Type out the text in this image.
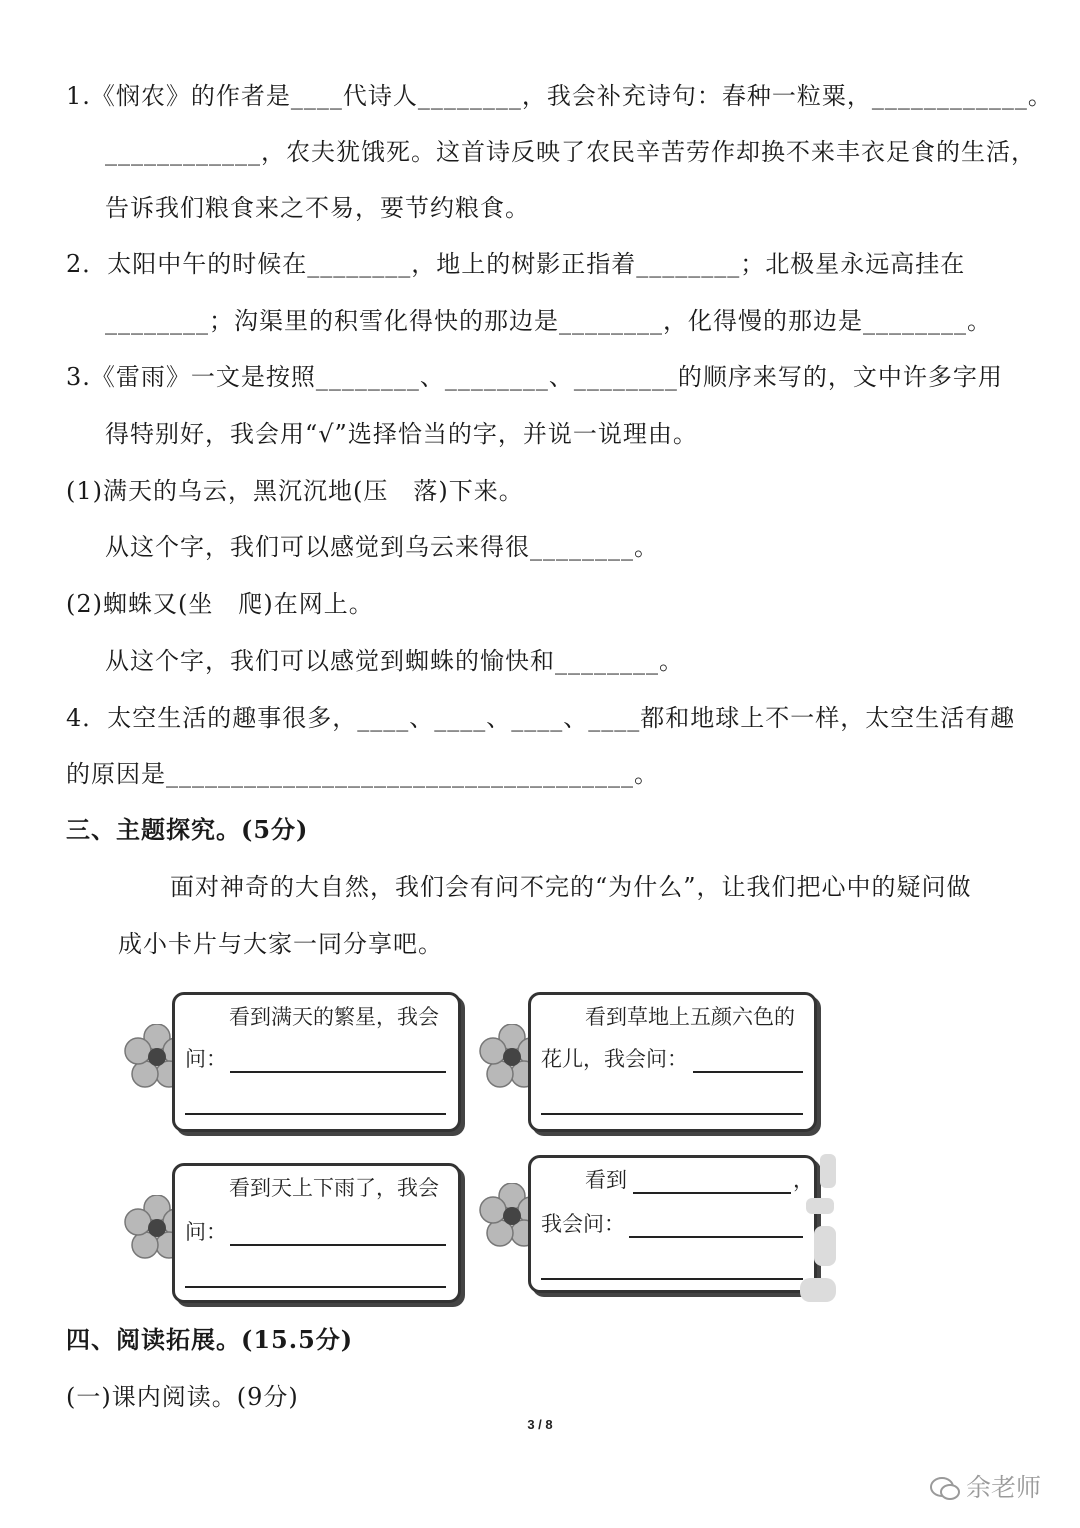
1.《悯农》的作者是____代诗人________，我会补充诗句：春种一粒粟，____________。
____________，农夫犹饿死。这首诗反映了农民辛苦劳作却换不来丰衣足食的生活，
告诉我们粮食来之不易，要节约粮食。
2．太阳中午的时候在________，地上的树影正指着________；北极星永远高挂在
________；沟渠里的积雪化得快的那边是________，化得慢的那边是________。
3.《雷雨》一文是按照________、________、________的顺序来写的，文中许多字用
得特别好，我会用“√”选择恰当的字，并说一说理由。
(1)满天的乌云，黑沉沉地(压　落)下来。
从这个字，我们可以感觉到乌云来得很________。
(2)蜘蛛又(坐　爬)在网上。
从这个字，我们可以感觉到蜘蛛的愉快和________。
4．太空生活的趣事很多，____、____、____、____都和地球上不一样，太空生活有趣
的原因是____________________________________。
三、主题探究。(5分)
面对神奇的大自然，我们会有问不完的“为什么”，让我们把心中的疑问做
成小卡片与大家一同分享吧。
看到满天的繁星，我会
问：
看到草地上五颜六色的
花儿，我会问：
看到天上下雨了，我会
问：
看到	，
我会问：
四、阅读拓展。(15.5分)
(一)课内阅读。(9分)
3 / 8
余老师
